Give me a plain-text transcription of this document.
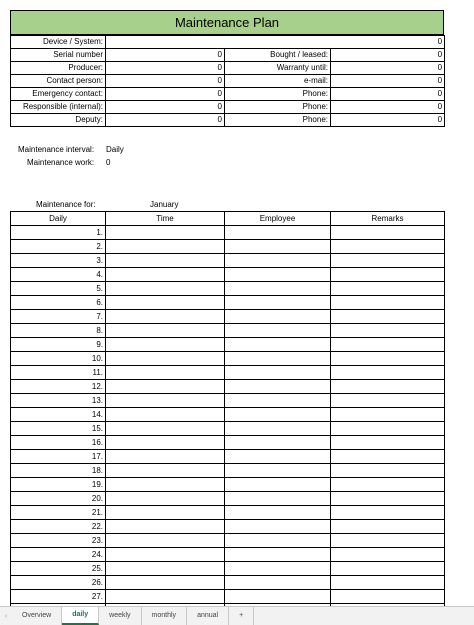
Maintenance Plan
Device / System:	0		
Serial number	0	Bought / leased:	0
Producer:	0	Warranty until:	0
Contact person:	0	e-mail:	0
Emergency contact:	0	Phone:	0
Responsible (internal):	0	Phone:	0
Deputy:	0	Phone:	0
Maintenance interval: Daily
Maintenance work: 0
Maintenance for:	January
Daily	Time	Employee	Remarks
1.			
2.			
3.			
4.			
5.			
6.			
7.			
8.			
9.			
10.			
11.			
12.			
13.			
14.			
15.			
16.			
17.			
18.			
19.			
20.			
21.			
22.			
23.			
24.			
25.			
26.			
27.			

‹	Overview	daily	weekly	monthly	annual	+
